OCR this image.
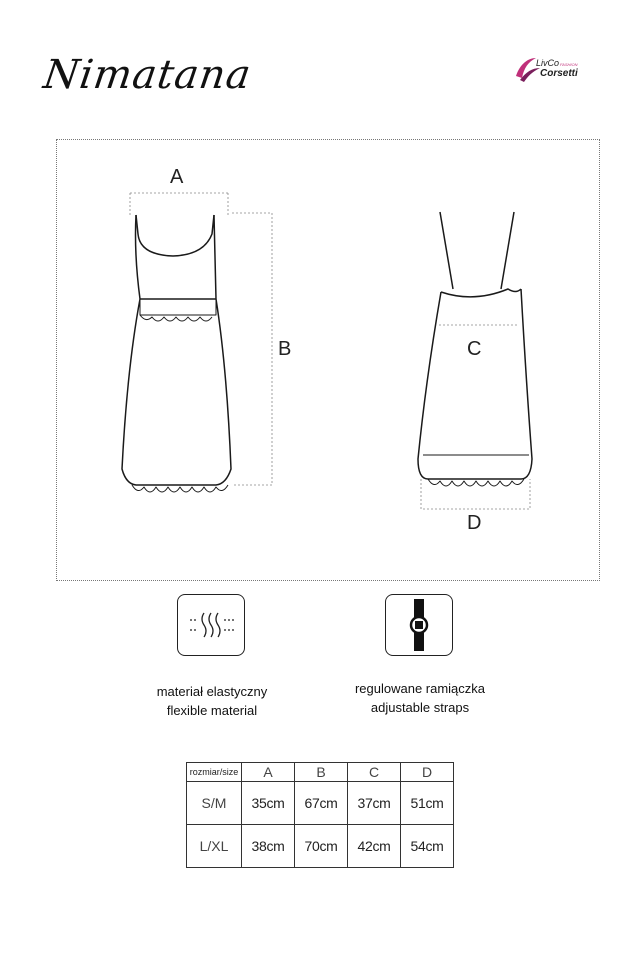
Nimatana	LivCoFASHION
Corsetti
A
B	C
D
materiał elastyczny
flexible material
regulowane ramiączka
adjustable straps
rozmiar/size	A	B	C	D
S/M	35cm	67cm	37cm	51cm
L/XL	38cm	70cm	42cm	54cm
